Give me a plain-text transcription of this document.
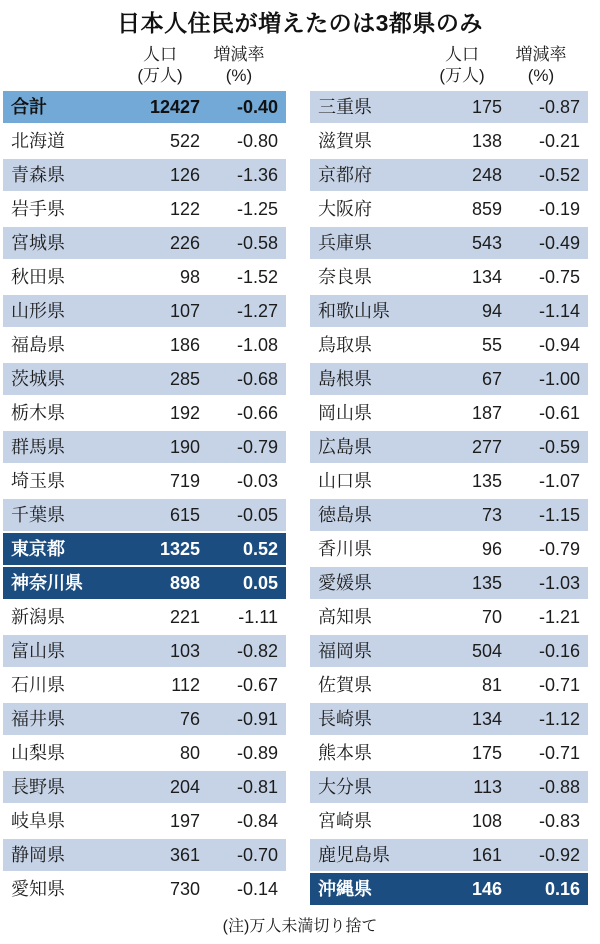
日本人住民が増えたのは3都県のみ
人口
(万人)
増減率
(%)
合計	12427	-0.40
北海道	522	-0.80
青森県	126	-1.36
岩手県	122	-1.25
宮城県	226	-0.58
秋田県	98	-1.52
山形県	107	-1.27
福島県	186	-1.08
茨城県	285	-0.68
栃木県	192	-0.66
群馬県	190	-0.79
埼玉県	719	-0.03
千葉県	615	-0.05
東京都	1325	0.52
神奈川県	898	0.05
新潟県	221	-1.11
富山県	103	-0.82
石川県	112	-0.67
福井県	76	-0.91
山梨県	80	-0.89
長野県	204	-0.81
岐阜県	197	-0.84
静岡県	361	-0.70
愛知県	730	-0.14
人口
(万人)
増減率
(%)
三重県	175	-0.87
滋賀県	138	-0.21
京都府	248	-0.52
大阪府	859	-0.19
兵庫県	543	-0.49
奈良県	134	-0.75
和歌山県	94	-1.14
鳥取県	55	-0.94
島根県	67	-1.00
岡山県	187	-0.61
広島県	277	-0.59
山口県	135	-1.07
徳島県	73	-1.15
香川県	96	-0.79
愛媛県	135	-1.03
高知県	70	-1.21
福岡県	504	-0.16
佐賀県	81	-0.71
長崎県	134	-1.12
熊本県	175	-0.71
大分県	113	-0.88
宮崎県	108	-0.83
鹿児島県	161	-0.92
沖縄県	146	0.16
(注)万人未満切り捨て
